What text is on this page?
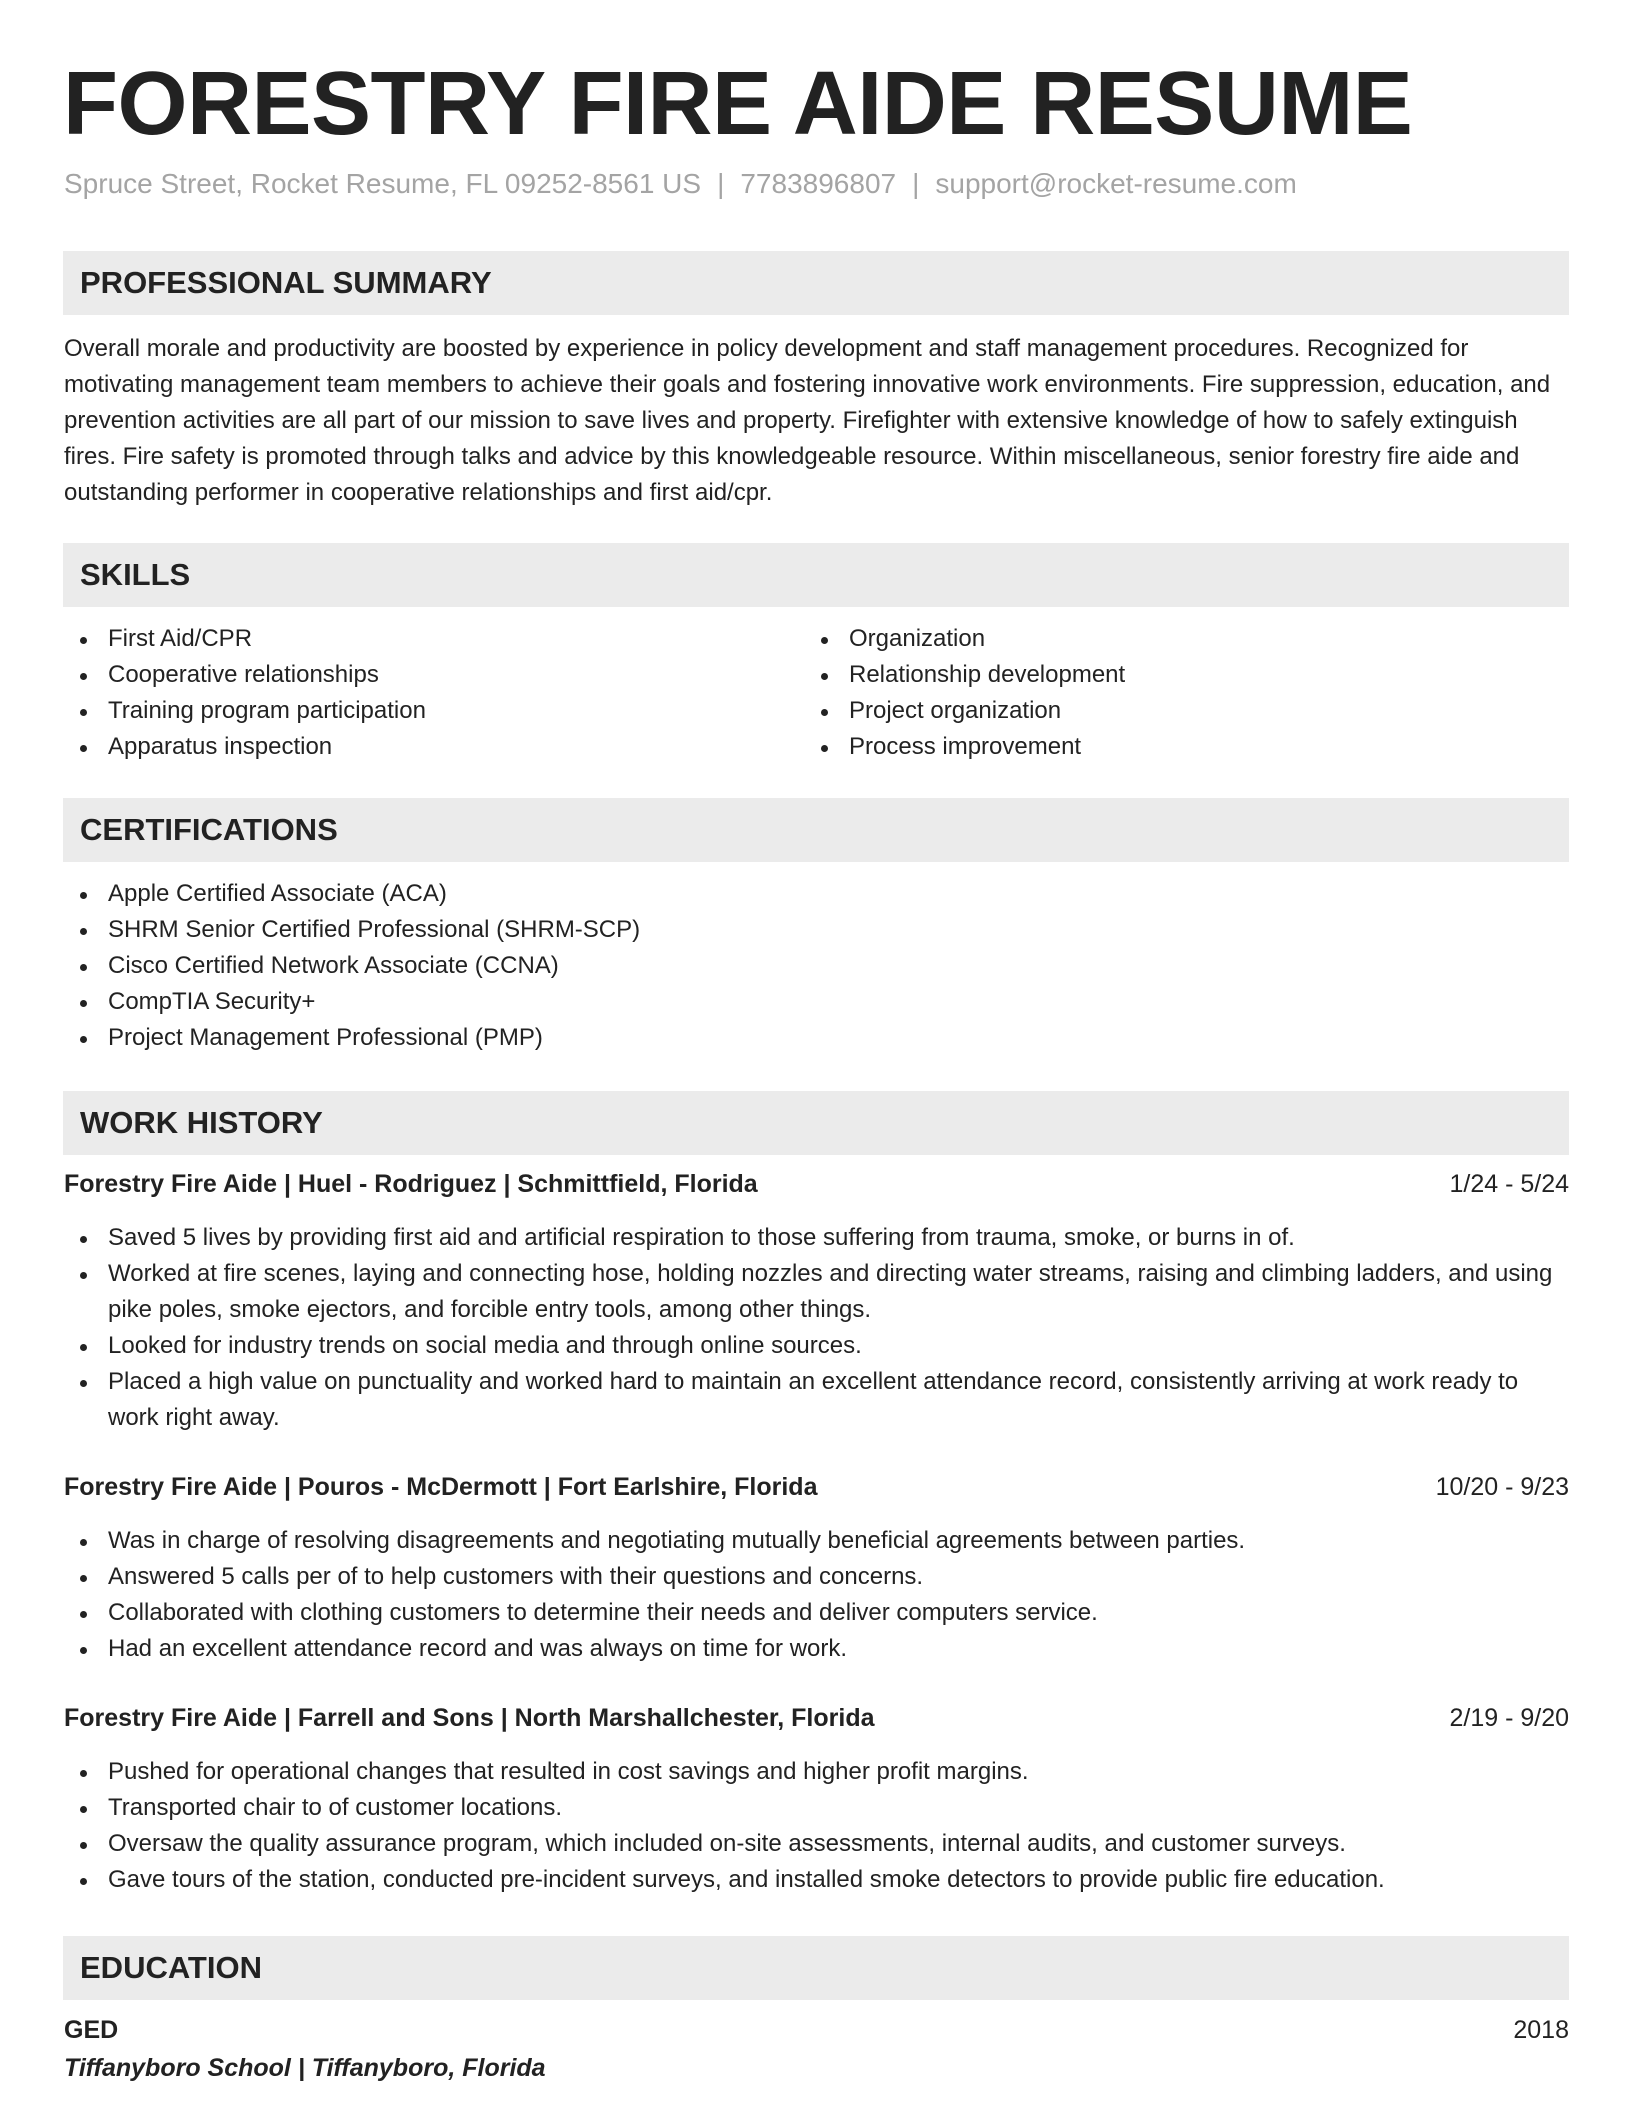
FORESTRY FIRE AIDE RESUME
Spruce Street, Rocket Resume, FL 09252-8561 US | 7783896807 | support@rocket-resume.com
PROFESSIONAL SUMMARY

Overall morale and productivity are boosted by experience in policy development and staff management procedures. Recognized for motivating management team members to achieve their goals and fostering innovative work environments. Fire suppression, education, and prevention activities are all part of our mission to save lives and property. Firefighter with extensive knowledge of how to safely extinguish fires. Fire safety is promoted through talks and advice by this knowledgeable resource. Within miscellaneous, senior forestry fire aide and outstanding performer in cooperative relationships and first aid/cpr.

SKILLS
First Aid/CPR
Cooperative relationships
Training program participation
Apparatus inspection
Organization
Relationship development
Project organization
Process improvement
CERTIFICATIONS
Apple Certified Associate (ACA)
SHRM Senior Certified Professional (SHRM-SCP)
Cisco Certified Network Associate (CCNA)
CompTIA Security+
Project Management Professional (PMP)
WORK HISTORY
Forestry Fire Aide | Huel - Rodriguez | Schmittfield, Florida	1/24 - 5/24
Saved 5 lives by providing first aid and artificial respiration to those suffering from trauma, smoke, or burns in of.
Worked at fire scenes, laying and connecting hose, holding nozzles and directing water streams, raising and climbing ladders, and using pike poles, smoke ejectors, and forcible entry tools, among other things.
Looked for industry trends on social media and through online sources.
Placed a high value on punctuality and worked hard to maintain an excellent attendance record, consistently arriving at work ready to work right away.
Forestry Fire Aide | Pouros - McDermott | Fort Earlshire, Florida	10/20 - 9/23
Was in charge of resolving disagreements and negotiating mutually beneficial agreements between parties.
Answered 5 calls per of to help customers with their questions and concerns.
Collaborated with clothing customers to determine their needs and deliver computers service.
Had an excellent attendance record and was always on time for work.
Forestry Fire Aide | Farrell and Sons | North Marshallchester, Florida	2/19 - 9/20
Pushed for operational changes that resulted in cost savings and higher profit margins.
Transported chair to of customer locations.
Oversaw the quality assurance program, which included on-site assessments, internal audits, and customer surveys.
Gave tours of the station, conducted pre-incident surveys, and installed smoke detectors to provide public fire education.
EDUCATION
GED	2018
Tiffanyboro School | Tiffanyboro, Florida
